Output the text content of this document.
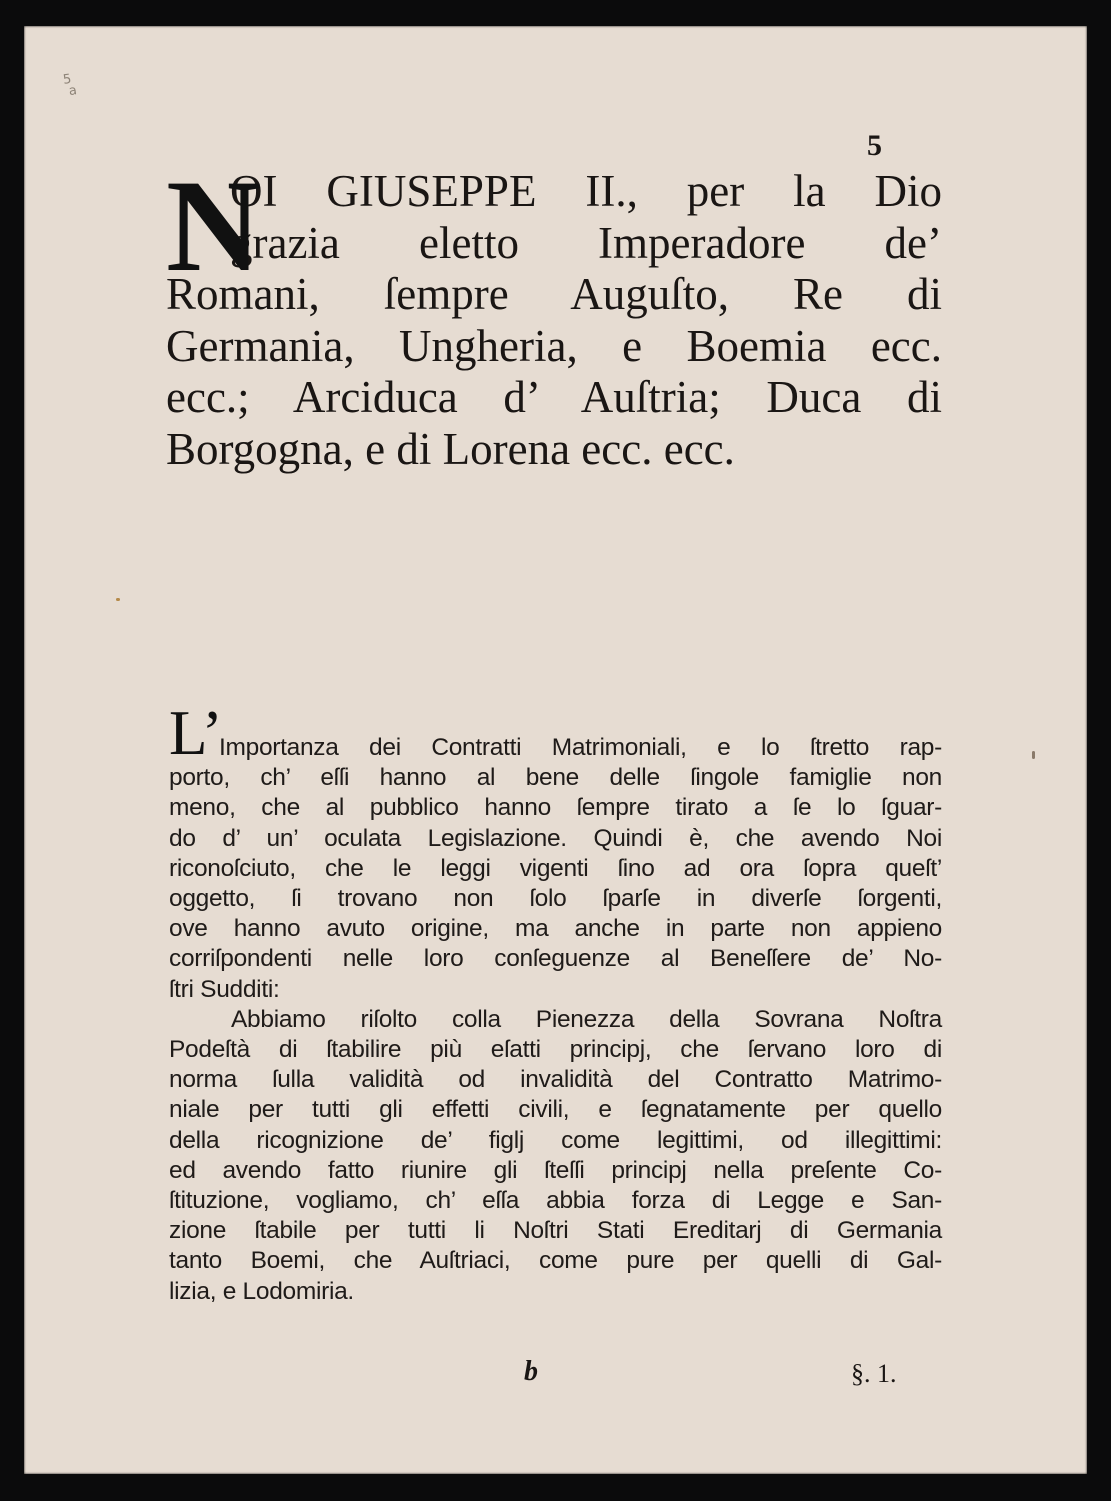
5
a
5
N
OI GIUSEPPE II., per la Dio
grazia eletto Imperadore de’
Romani, ſempre Auguſto, Re di
Germania, Ungheria, e Boemia ecc.
ecc.; Arciduca d’ Auſtria; Duca di
Borgogna, e di Lorena ecc. ecc.
L’
Importanza dei Contratti Matrimoniali, e lo ſtretto rap-
porto, ch’ eſſi hanno al bene delle ſingole famiglie non
meno, che al pubblico hanno ſempre tirato a ſe lo ſguar-
do d’ un’ oculata Legislazione. Quindi è, che avendo Noi
riconoſciuto, che le leggi vigenti ſino ad ora ſopra queſt’
oggetto, ſi trovano non ſolo ſparſe in diverſe ſorgenti,
ove hanno avuto origine, ma anche in parte non appieno
corriſpondenti nelle loro conſeguenze al Beneſſere de’ No-
ſtri Sudditi:
Abbiamo riſolto colla Pienezza della Sovrana Noſtra
Podeſtà di ſtabilire più eſatti principj, che ſervano loro di
norma ſulla validità od invalidità del Contratto Matrimo-
niale per tutti gli effetti civili, e ſegnatamente per quello
della ricognizione de’ figlj come legittimi, od illegittimi:
ed avendo fatto riunire gli ſteſſi principj nella preſente Co-
ſtituzione, vogliamo, ch’ eſſa abbia forza di Legge e San-
zione ſtabile per tutti li Noſtri Stati Ereditarj di Germania
tanto Boemi, che Auſtriaci, come pure per quelli di Gal-
lizia, e Lodomiria.
b	§. 1.
